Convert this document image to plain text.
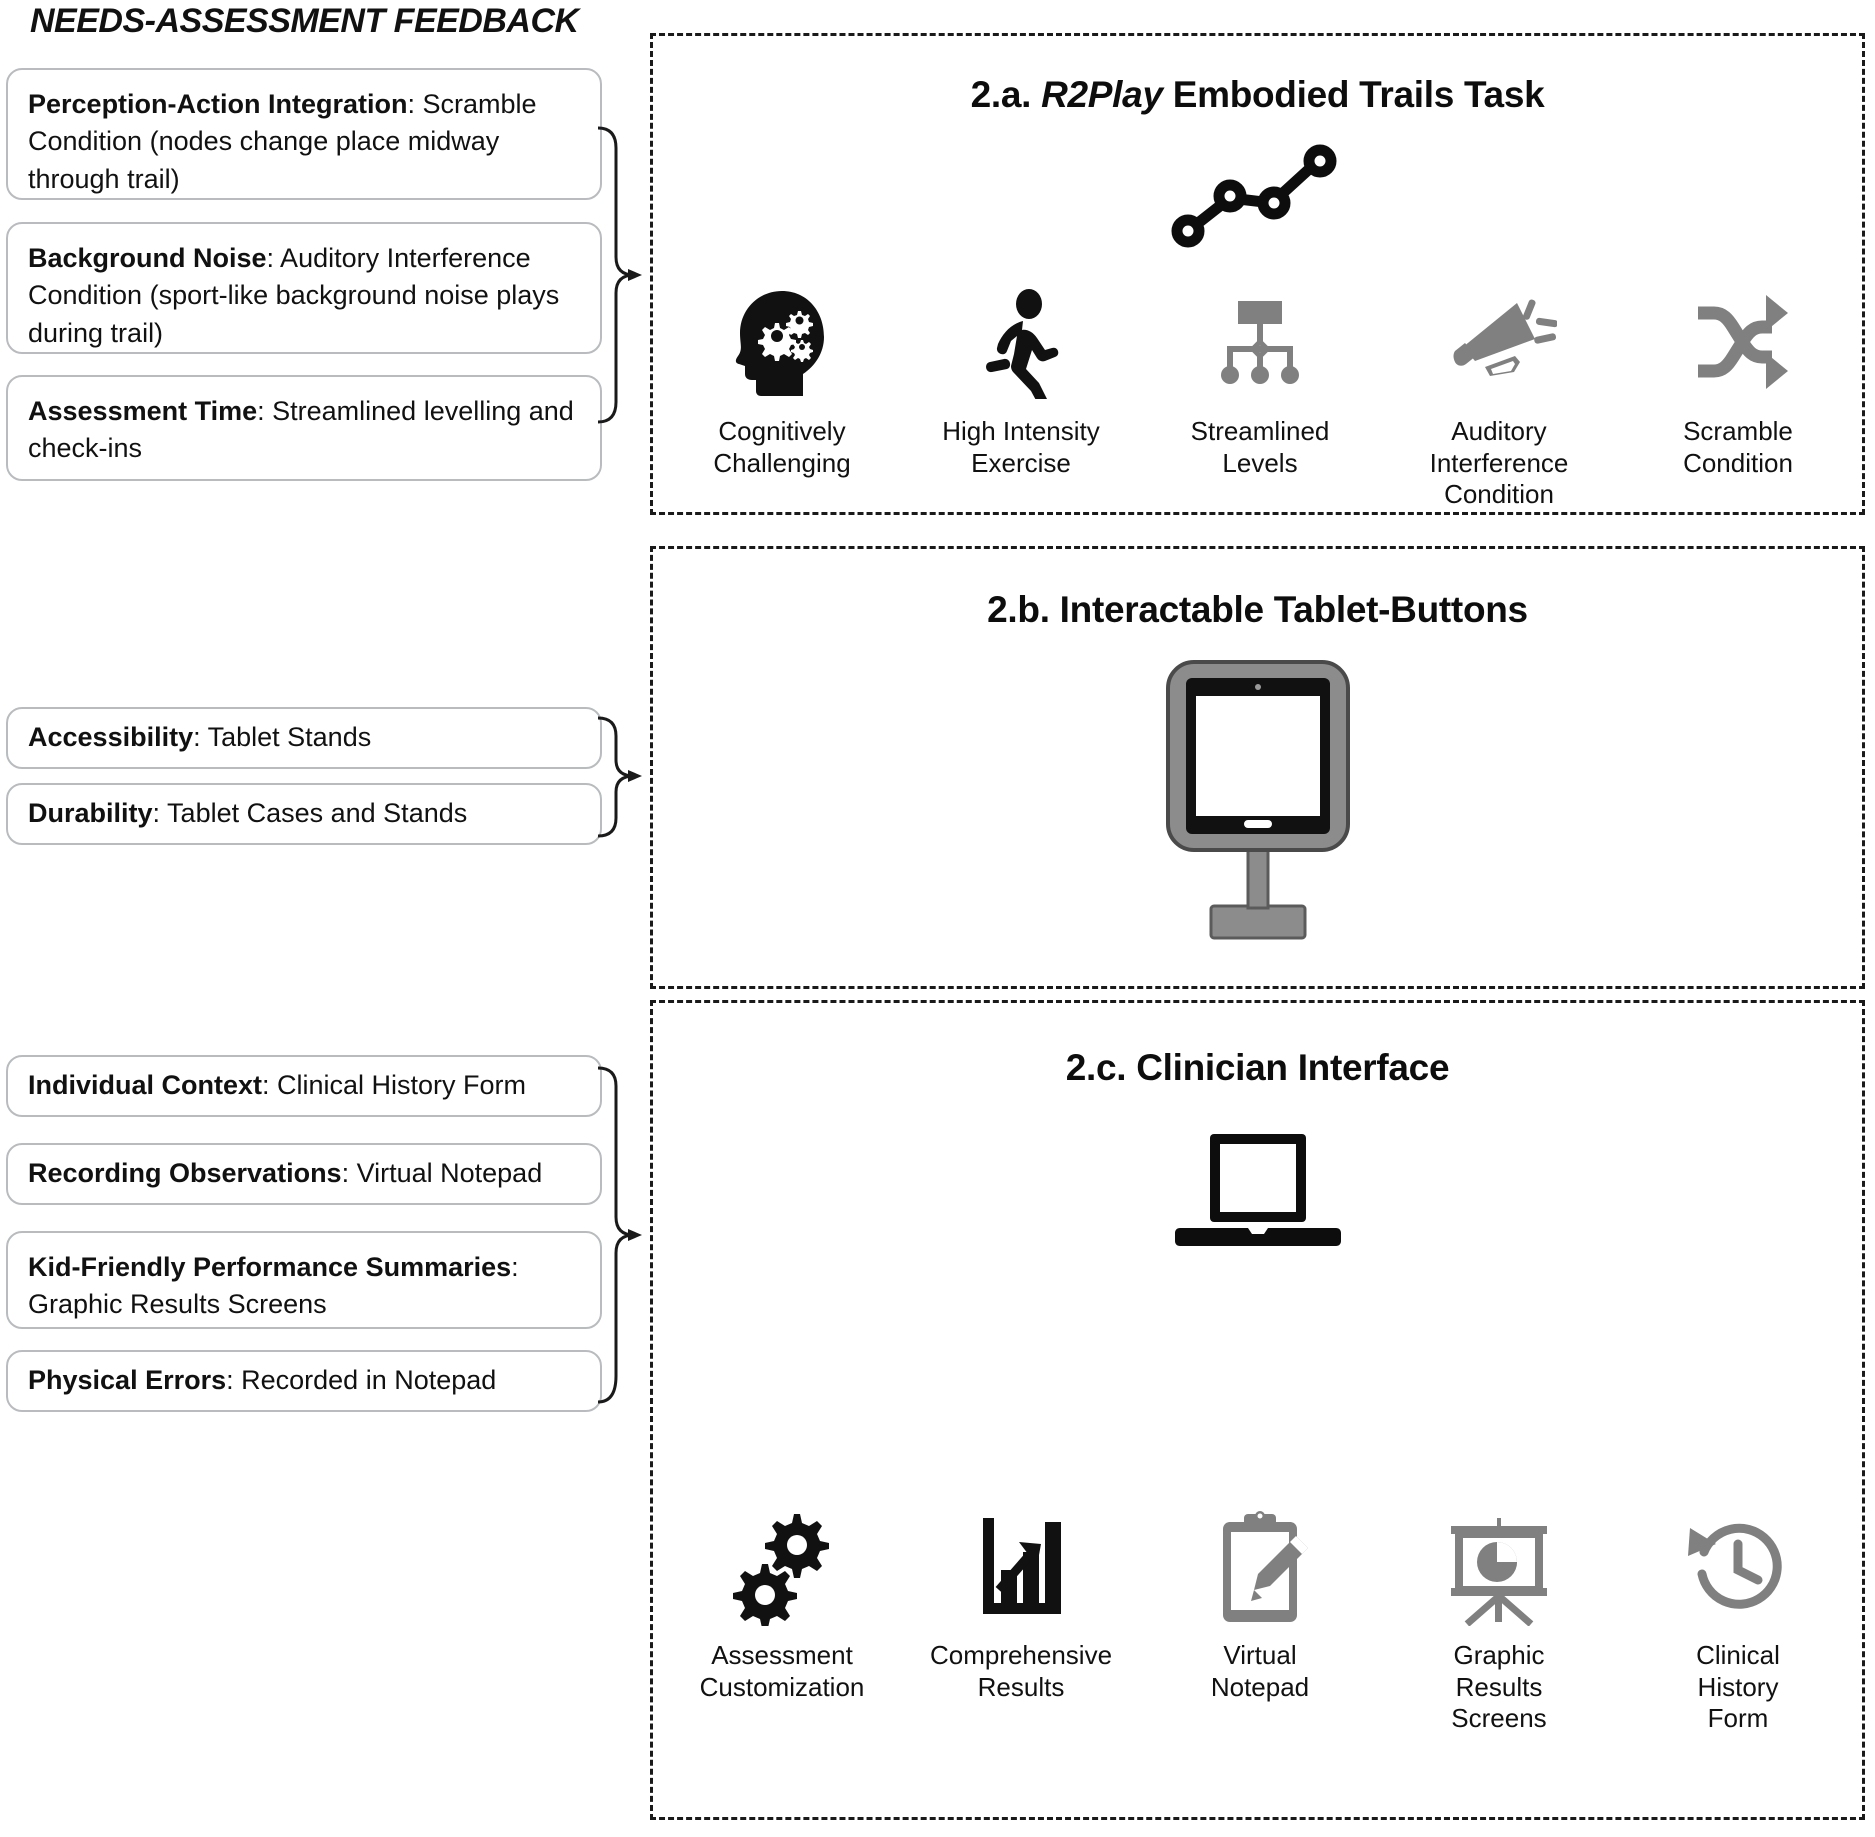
NEEDS-ASSESSMENT FEEDBACK
Perception-Action Integration: Scramble Condition (nodes change place midway through trail)
Background Noise: Auditory Interference Condition (sport-like background noise plays during trail)
Assessment Time: Streamlined levelling and check-ins
Accessibility : Tablet Stands
Durability : Tablet Cases and Stands
Individual Context : Clinical History Form
Recording Observations : Virtual Notepad
Kid-Friendly Performance Summaries: Graphic Results Screens
Physical Errors : Recorded in Notepad
2.a. R2Play Embodied Trails Task
Cognitively
Challenging
High Intensity
Exercise
Streamlined
Levels
Auditory
Interference
Condition
Scramble
Condition
2.b. Interactable Tablet-Buttons
2.c. Clinician Interface
Assessment
Customization
Comprehensive
Results
Virtual
Notepad
Graphic
Results
Screens
Clinical
History
Form
